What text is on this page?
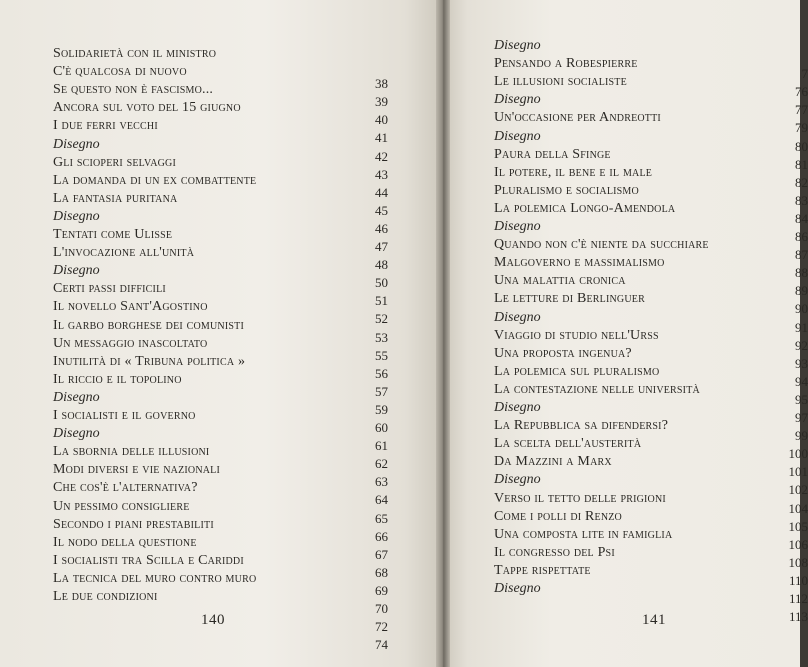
Solidarietà con il ministro
C'è qualcosa di nuovo
38
Se questo non è fascismo...
39
Ancora sul voto del 15 giugno
40
I due ferri vecchi
41
Disegno
42
Gli scioperi selvaggi
43
La domanda di un ex combattente
44
La fantasia puritana
45
Disegno
46
Tentati come Ulisse
47
L'invocazione all'unità
48
Disegno
50
Certi passi difficili
51
Il novello Sant'Agostino
52
Il garbo borghese dei comunisti
53
Un messaggio inascoltato
55
Inutilità di « Tribuna politica »
56
Il riccio e il topolino
57
Disegno
59
I socialisti e il governo
60
Disegno
61
La sbornia delle illusioni
62
Modi diversi e vie nazionali
63
Che cos'è l'alternativa?
64
Un pessimo consigliere
65
Secondo i piani prestabiliti
66
Il nodo della questione
67
I socialisti tra Scilla e Cariddi
68
La tecnica del muro contro muro
69
Le due condizioni
70
72
74
140
Disegno
Pensando a Robespierre
7
Le illusioni socialiste
76
Disegno
77
Un'occasione per Andreotti
79
Disegno
80
Paura della Sfinge
81
Il potere, il bene e il male
82
Pluralismo e socialismo
83
La polemica Longo-Amendola
84
Disegno
86
Quando non c'è niente da succhiare
87
Malgoverno e massimalismo
88
Una malattia cronica
89
Le letture di Berlinguer
90
Disegno
91
Viaggio di studio nell'Urss
92
Una proposta ingenua?
93
La polemica sul pluralismo
94
La contestazione nelle università
95
Disegno
97
La Repubblica sa difendersi?
99
La scelta dell'austerità
100
Da Mazzini a Marx
101
Disegno
102
Verso il tetto delle prigioni
104
Come i polli di Renzo
105
Una composta lite in famiglia
106
Il congresso del Psi
108
Tappe rispettate
110
Disegno
112
113
141
